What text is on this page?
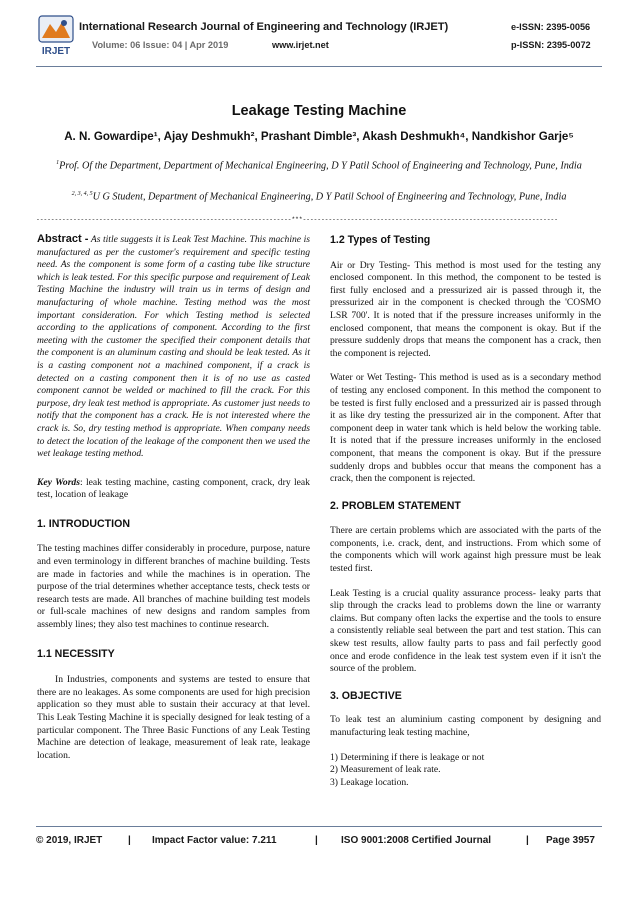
IRJET
International Research Journal of Engineering and Technology (IRJET)	e-ISSN: 2395-0056
Volume: 06 Issue: 04 | Apr 2019	www.irjet.net	p-ISSN: 2395-0072
Leakage Testing Machine
A. N. Gowardipe¹, Ajay Deshmukh², Prashant Dimble³, Akash Deshmukh⁴, Nandkishor Garje⁵
$^1$Prof. Of the Department, Department of Mechanical Engineering, D Y Patil School of Engineering and Technology, Pune, India
$^{2, 3, 4, 5}$U G Student, Department of Mechanical Engineering, D Y Patil School of Engineering and Technology, Pune, India
---------------------------------------------------------------------***---------------------------------------------------------------------

Abstract - As title suggests it is Leak Test Machine. This machine is manufactured as per the customer's requirement and specific testing need. As the component is some form of a casting tube like structure which is leak tested. For this specific purpose and requirement of Leak Testing Machine the industry will train us in terms of design and manufacturing of whole machine. Testing method was the most important consideration. For which Testing method is selected according to the applications of component. According to the first meeting with the customer the specified their component details that the component is an aluminum casting and should be leak tested. As it is a casting component not a machined component, if a crack is detected on a casting component then it is of no use as casted component cannot be welded or machined to fill the crack. For this purpose, dry leak test method is appropriate. As customer just needs to notify that the component has a crack. He is not interested where the crack is. So, dry testing method is appropriate. When company needs to detect the location of the leakage of the component then we used the wet leakage testing method.

Key Words: leak testing machine, casting component, crack, dry leak test, location of leakage

1. INTRODUCTION

The testing machines differ considerably in procedure, purpose, nature and even terminology in different branches of machine building. Tests are made in factories and while the machines is in operation. The purpose of the trial determines whether acceptance tests, check tests or research tests are made. All branches of machine building test models or full-scale machines of new designs and random samples from assembly lines; they also test machines to continue research.

1.1 NECESSITY

In Industries, components and systems are tested to ensure that there are no leakages. As some components are used for high precision application so they must able to sustain their accuracy at that level. This Leak Testing Machine it is specially designed for leak testing of a particular component. The Three Basic Functions of any Leak Testing Machine are detection of leakage, measurement of leak rate, leakage location.

1.2 Types of Testing

Air or Dry Testing- This method is most used for the testing any enclosed component. In this method, the component to be tested is first fully enclosed and a pressurized air is passed through it, the pressurized air in the component is checked through the 'COSMO LSR 700'. It is noted that if the pressure increases uniformly in the enclosed component, that means the component is okay. But if the pressure suddenly drops that means the component has a crack, then the component is rejected.

Water or Wet Testing- This method is used as is a secondary method of testing any enclosed component. In this method the component to be tested is first fully enclosed and a pressurized air is passed through it as like dry testing the pressurized air in the component. After that component deep in water tank which is held below the working table. It is noted that if the pressure increases uniformly in the enclosed component, that means the component is okay. But if the pressure suddenly drops and bubbles occur that means the component has a crack, then the component is rejected.

2. PROBLEM STATEMENT

There are certain problems which are associated with the parts of the components, i.e. crack, dent, and instructions. From which some of the components which will work against high pressure must be leak tested first.

Leak Testing is a crucial quality assurance process- leaky parts that slip through the cracks lead to problems down the line or warranty claims. But company often lacks the expertise and the tools to ensure a consistently reliable seal between the part and test station. This can skew test results, allow faulty parts to pass and fail perfectly good once and erode confidence in the leak test system even if it isn't the source of the problem.

3. OBJECTIVE

To leak test an aluminium casting component by designing and manufacturing leak testing machine,

1) Determining if there is leakage or not

2) Measurement of leak rate.

3) Leakage location.

© 2019, IRJET	| Impact Factor value: 7.211	| ISO 9001:2008 Certified Journal	| Page 3957
